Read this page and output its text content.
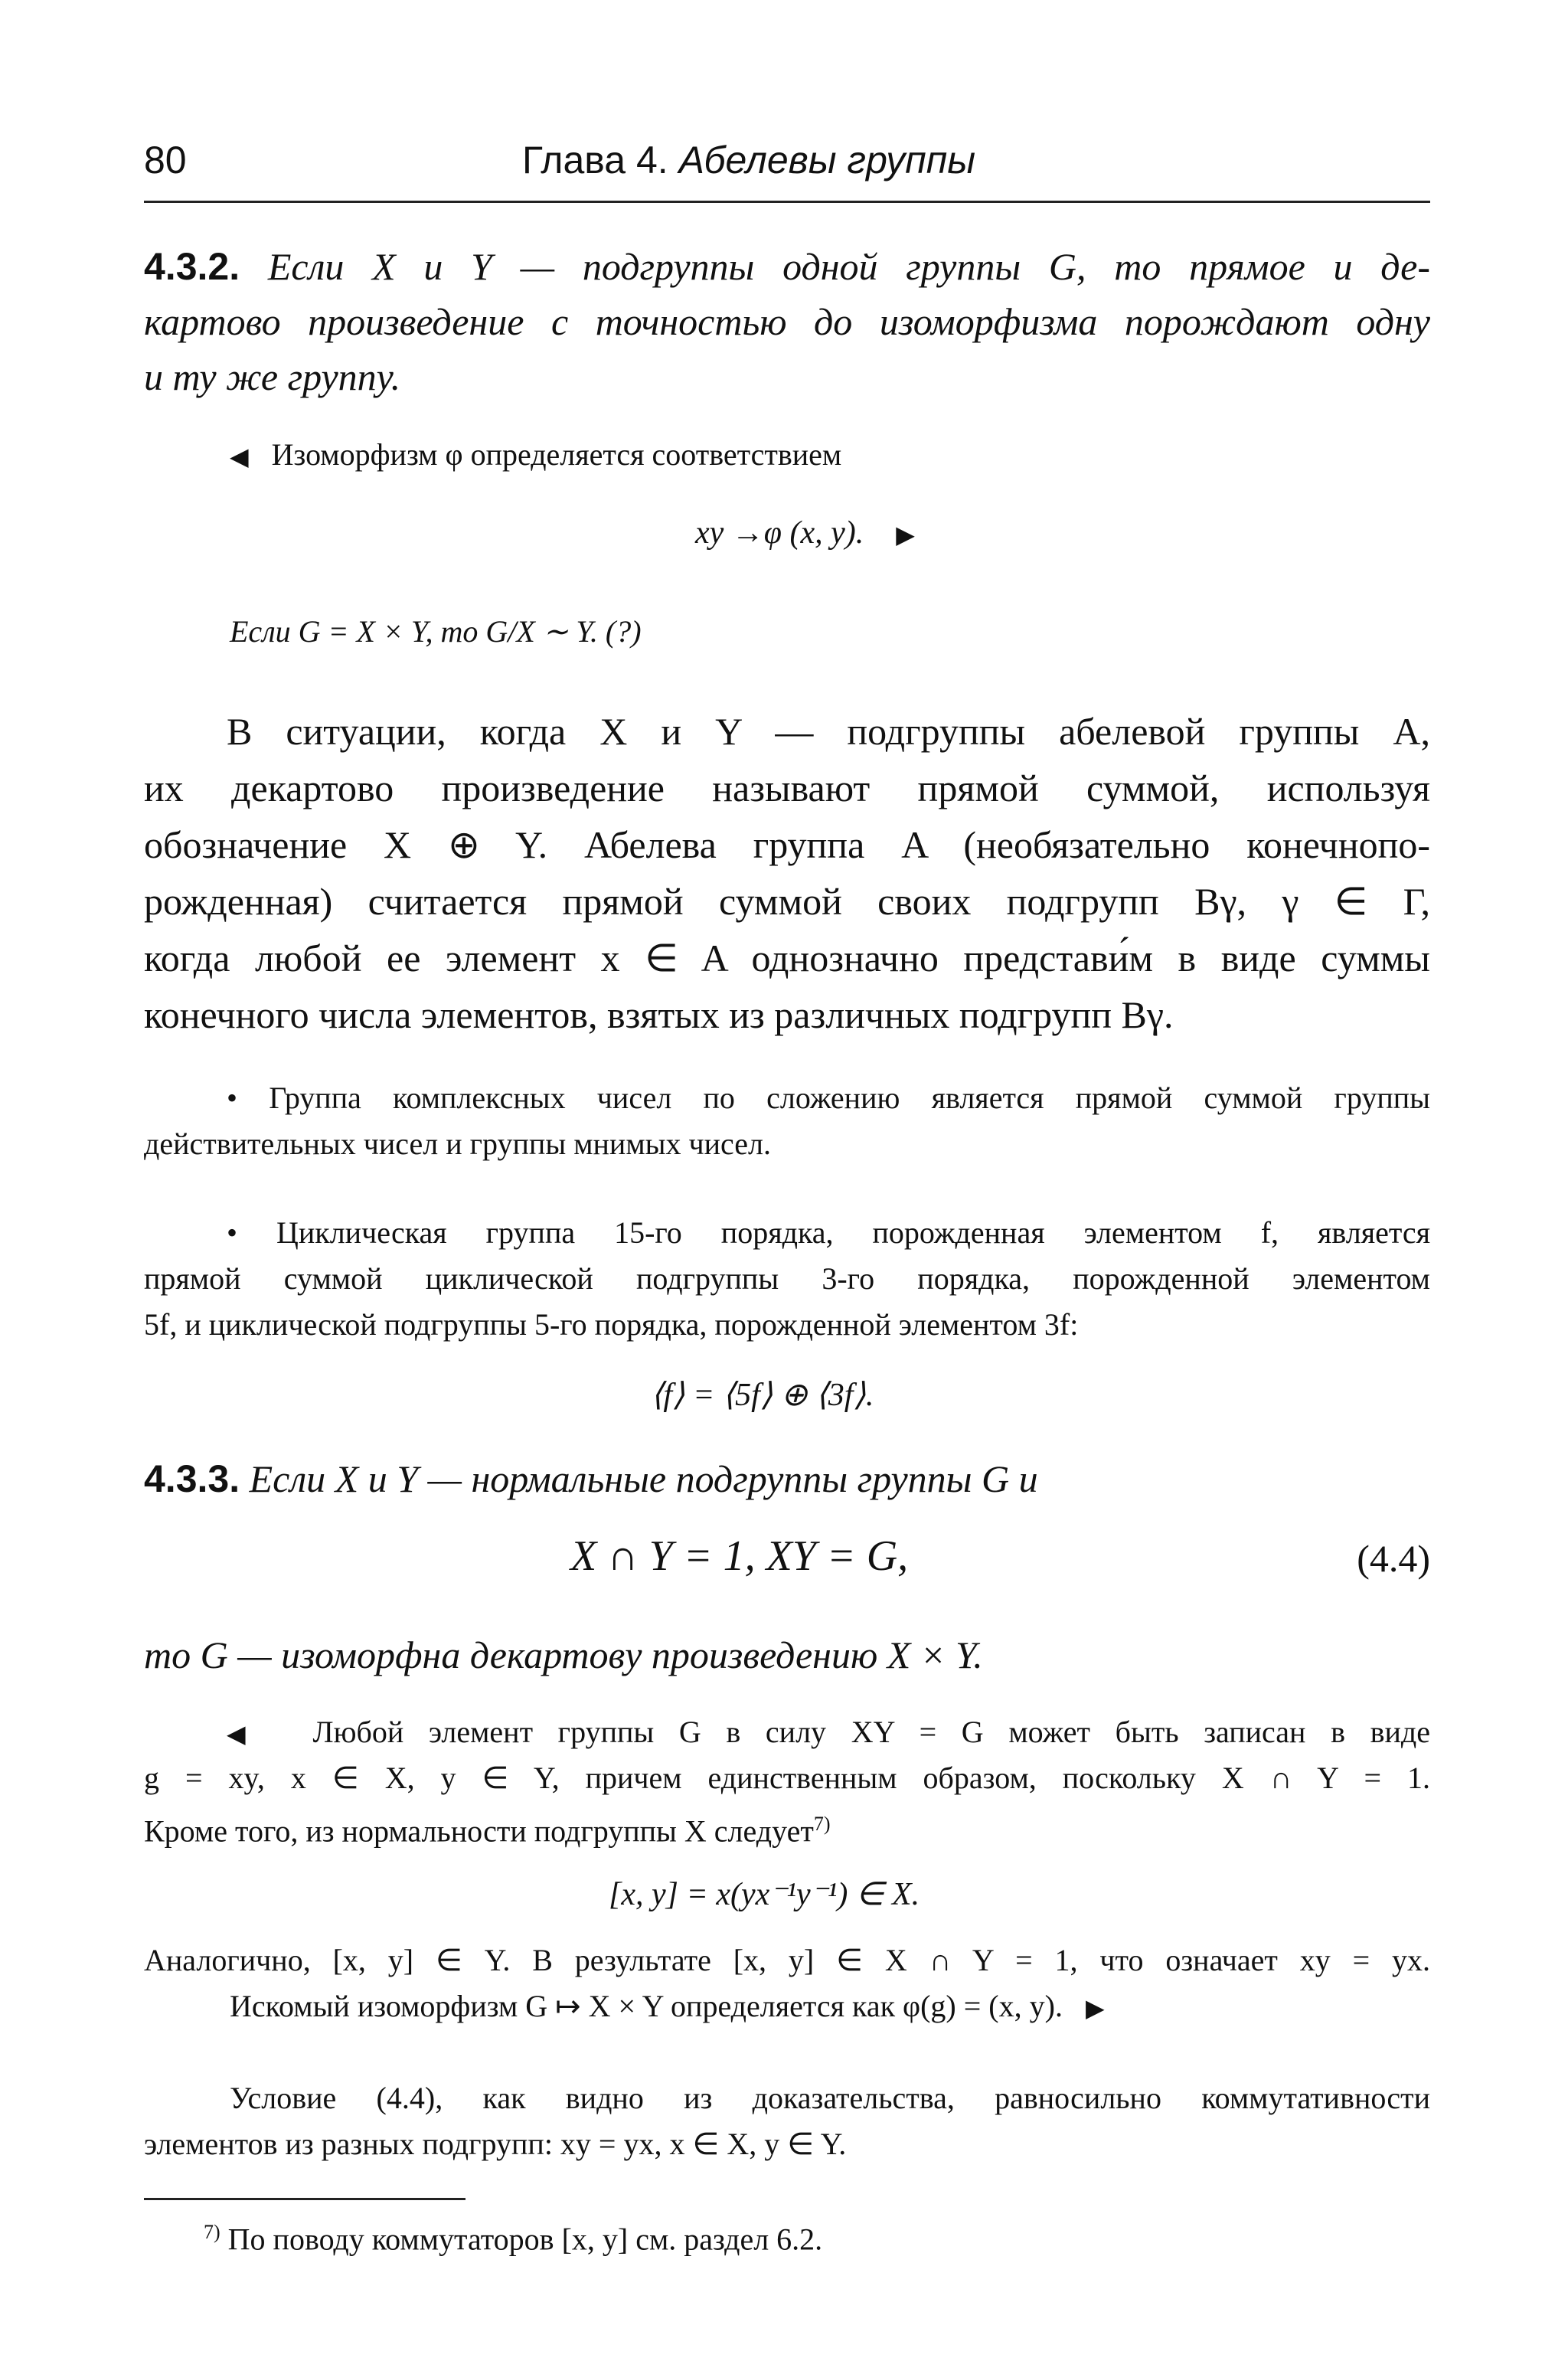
80	Глава 4. Абелевы группы
4.3.2. Если X и Y — подгруппы одной группы G, то прямое и де-
картово произведение с точностью до изоморфизма порождают одну
и ту же группу.
◀ Изоморфизм φ определяется соответствием
xy →φ (x, y). ▶
Если G = X × Y, то G/X ∼ Y. (?)
В ситуации, когда X и Y — подгруппы абелевой группы A,
их декартово произведение называют прямой суммой, используя
обозначение X ⊕ Y. Абелева группа A (необязательно конечнопо-
рожденная) считается прямой суммой своих подгрупп Bγ, γ ∈ Γ,
когда любой ее элемент x ∈ A однозначно представи́м в виде суммы
конечного числа элементов, взятых из различных подгрупп Bγ.
• Группа комплексных чисел по сложению является прямой суммой группы
действительных чисел и группы мнимых чисел.
• Циклическая группа 15-го порядка, порожденная элементом f, является
прямой суммой циклической подгруппы 3-го порядка, порожденной элементом
5f, и циклической подгруппы 5-го порядка, порожденной элементом 3f:
⟨f⟩ = ⟨5f⟩ ⊕ ⟨3f⟩.
4.3.3. Если X и Y — нормальные подгруппы группы G и
X ∩ Y = 1, XY = G,	(4.4)
то G — изоморфна декартову произведению X × Y.
◀ Любой элемент группы G в силу XY = G может быть записан в виде
g = xy, x ∈ X, y ∈ Y, причем единственным образом, поскольку X ∩ Y = 1.
Кроме того, из нормальности подгруппы X следует$^{7)}$
[x, y] = x(yx⁻¹y⁻¹) ∈ X.
Аналогично, [x, y] ∈ Y. В результате [x, y] ∈ X ∩ Y = 1, что означает xy = yx.
Искомый изоморфизм G ↦ X × Y определяется как φ(g) = (x, y). ▶
Условие (4.4), как видно из доказательства, равносильно коммутативности
элементов из разных подгрупп: xy = yx, x ∈ X, y ∈ Y.
$^{7)}$ По поводу коммутаторов [x, y] см. раздел 6.2.
